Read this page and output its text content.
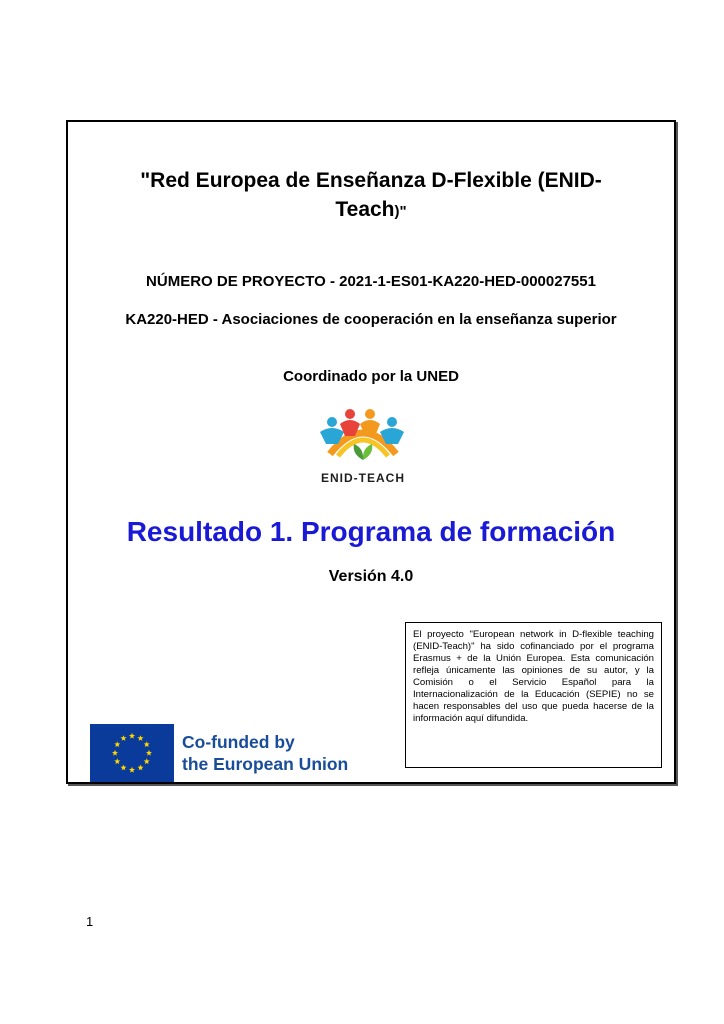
"Red Europea de Enseñanza D-Flexible (ENID-Teach)"
NÚMERO DE PROYECTO - 2021-1-ES01-KA220-HED-000027551
KA220-HED - Asociaciones de cooperación en la enseñanza superior
Coordinado por la UNED
ENID-TEACH
Resultado 1. Programa de formación
Versión 4.0
El proyecto "European network in D-flexible teaching (ENID-Teach)" ha sido cofinanciado por el programa Erasmus + de la Unión Europea. Esta comunicación refleja únicamente las opiniones de su autor, y la Comisión o el Servicio Español para la Internacionalización de la Educación (SEPIE) no se hacen responsables del uso que pueda hacerse de la información aquí difundida.
Co-funded by
the European Union
1
